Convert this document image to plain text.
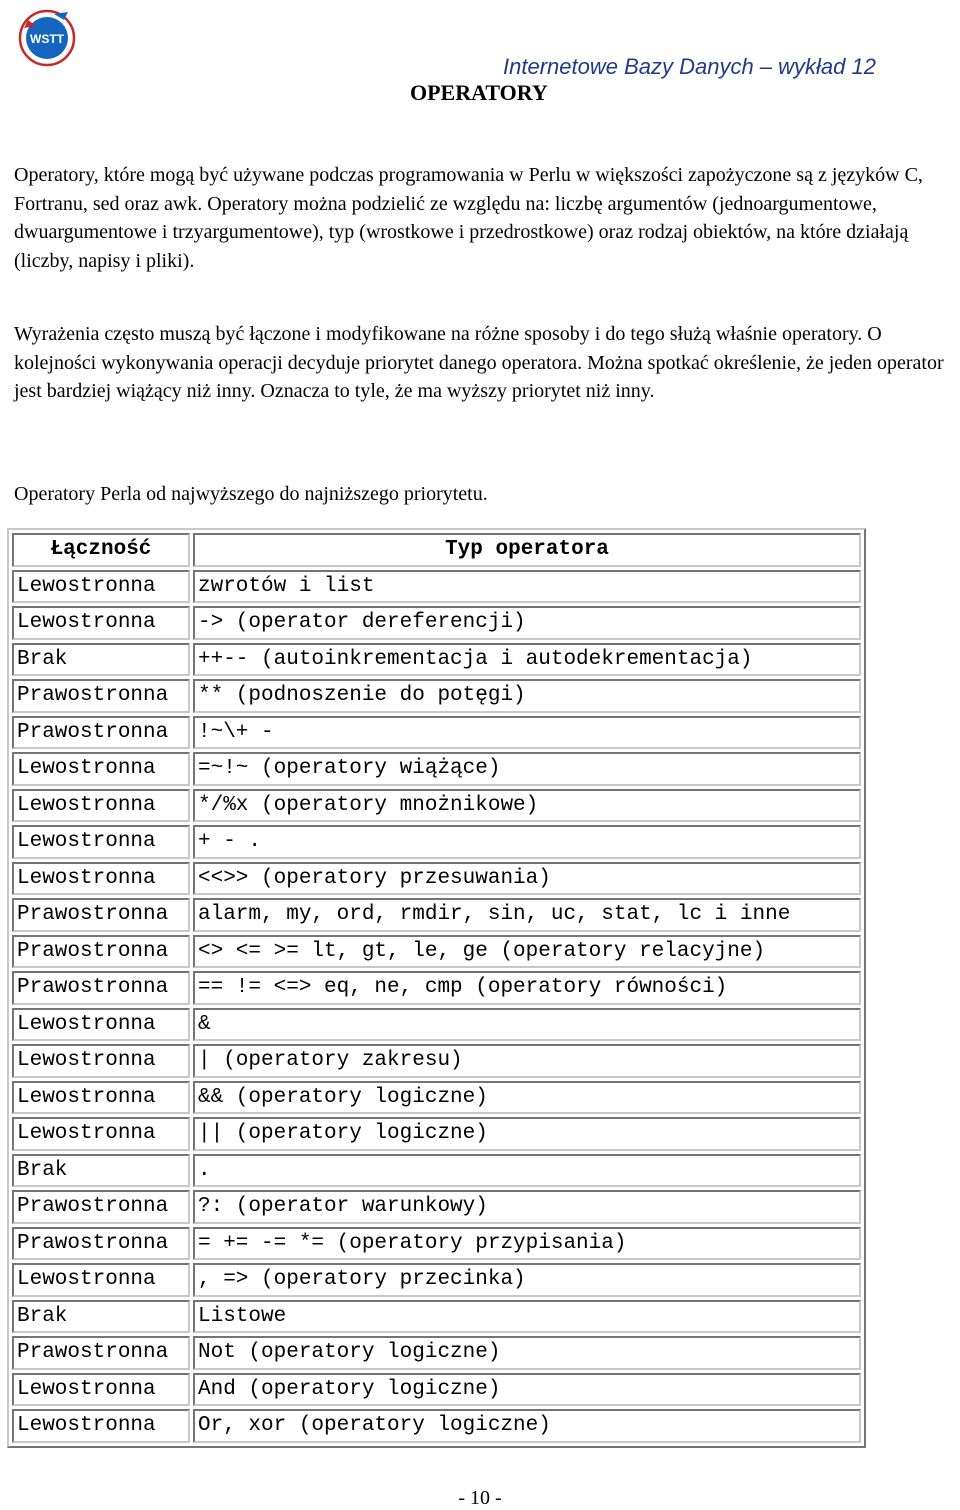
WSTT
Internetowe Bazy Danych – wykład 12
OPERATORY

Operatory, które mogą być używane podczas programowania w Perlu w większości zapożyczone są z języków C, Fortranu, sed oraz awk. Operatory można podzielić ze względu na: liczbę argumentów (jednoargumentowe, dwuargumentowe i trzyargumentowe), typ (wrostkowe i przedrostkowe) oraz rodzaj obiektów, na które działają (liczby, napisy i pliki).

Wyrażenia często muszą być łączone i modyfikowane na różne sposoby i do tego służą właśnie operatory. O kolejności wykonywania operacji decyduje priorytet danego operatora. Można spotkać określenie, że jeden operator jest bardziej wiążący niż inny. Oznacza to tyle, że ma wyższy priorytet niż inny.

Operatory Perla od najwyższego do najniższego priorytetu.

Łączność	Typ operatora
Lewostronna	zwrotów i list
Lewostronna	-> (operator dereferencji)
Brak	++-- (autoinkrementacja i autodekrementacja)
Prawostronna	** (podnoszenie do potęgi)
Prawostronna	!~\+ -
Lewostronna	=~!~ (operatory wiążące)
Lewostronna	*/%x (operatory mnożnikowe)
Lewostronna	+ - .
Lewostronna	<<>> (operatory przesuwania)
Prawostronna	alarm, my, ord, rmdir, sin, uc, stat, lc i inne
Prawostronna	<> <= >= lt, gt, le, ge (operatory relacyjne)
Prawostronna	== != <=> eq, ne, cmp (operatory równości)
Lewostronna	&
Lewostronna	| (operatory zakresu)
Lewostronna	&& (operatory logiczne)
Lewostronna	|| (operatory logiczne)
Brak	.
Prawostronna	?: (operator warunkowy)
Prawostronna	= += -= *= (operatory przypisania)
Lewostronna	, => (operatory przecinka)
Brak	Listowe
Prawostronna	Not (operatory logiczne)
Lewostronna	And (operatory logiczne)
Lewostronna	Or, xor (operatory logiczne)
- 10 -
